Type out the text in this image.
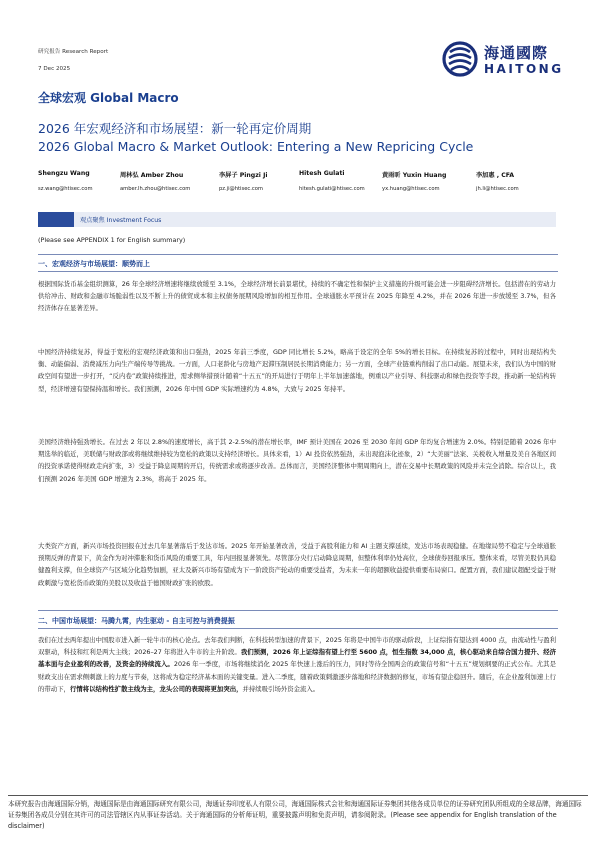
研究报告 Research Report
7 Dec 2025
海通國際
HAITONG
全球宏观 Global Macro
2026 年宏观经济和市场展望：新一轮再定价周期
2026 Global Macro & Market Outlook: Entering a New Repricing Cycle
Shengzu Wang
sz.wang@htisec.com
周林弘 Amber Zhou
amber.lh.zhou@htisec.com
李屏子 Pingzi Ji
pz.ji@htisec.com
Hitesh Gulati
hitesh.gulati@htisec.com
黄雨昕 Yuxin Huang
yx.huang@htisec.com
李加惠 , CFA
jh.li@htisec.com
观点聚焦 Investment Focus
(Please see APPENDIX 1 for English summary)
一、宏观经济与市场展望：顺势而上
根据国际货币基金组织测算，26 年全球经济增速将继续放缓至 3.1%，全球经济增长前景堪忧，持续的不确定性和保护主义措施的升级可能会进一步阻碍经济增长。包括潜在的劳动力供给冲击、财政和金融市场脆弱性以及不断上升的债贸成本和主权债务展期风险增加的相互作用。全球通胀水平预计在 2025 年降至 4.2%，并在 2026 年进一步放缓至 3.7%，但各经济体存在显著差异。
中国经济持续复苏，得益于宽松的宏观经济政策和出口强劲，2025 年前三季度，GDP 同比增长 5.2%，略高于设定的全年 5%的增长目标。在持续复苏的过程中，同时出现结构失衡、动能偏弱、消费减压力向生产端传导等挑战。一方面，人口老龄化与房地产迟滞压制居民长期消费能力；另一方面，全球产业链重构削弱了出口动能。展望未来，我们认为中国的财政空间有望进一步打开，“反内卷”政策持续推进，需求侧举措预计随着“十五五”的开局进行于明年上半年加速落地，例重以产业引导、科技驱动和绿色投资等手段，推动新一轮结构转型，经济增速有望保持温和增长。我们预测，2026 年中国 GDP 实际增速约为 4.8%，大致与 2025 年持平。
美国经济维持强劲增长。在过去 2 年以 2.8%的速度增长，高于其 2-2.5%的潜在增长率，IMF 预计美国在 2026 至 2030 年间 GDP 年均复合增速为 2.0%。特别是随着 2026 年中期选举的临近，美联储与财政部或将继续维持较为宽松的政策以支持经济增长。具体来看，1）AI 投资依然强劲，未出现泡沫化迹象，2）“大美丽”法案、关税收入增量及美自各地区间的投资承诺使得财政走向扩张，3）受益于降息周期的开启，传统需求或将逐步改善。总体而言，美国经济整体中期周期向上，潜在交易中长期政策的风险并未完全消除。综合以上，我们预测 2026 年美国 GDP 增速为 2.3%，将高于 2025 年。
大类资产方面，新兴市场投资回报在过去几年显著落后于发达市场。2025 年开始显著改善，受益于高股利能力和 AI 主题支撑延续，发达市场表现稳健。在地缘局势不稳定与全球通胀预期反弹的背景下，黄金作为对冲滞胀和货币风险的重要工具，年内回报显著领先。尽管部分央行启动降息周期，但整体利率仍处高位，全球债券回报承压。整体来看，尽管美股仍具稳健盈利支撑，但全球资产与区域分化趋势加剧，亚太及新兴市场有望成为下一阶段资产轮动的重要受益者，为未来一年的超额收益提供重要布局窗口。配置方面，我们建议超配受益于财政刺激与宽松货币政策的美股以及收益于德国财政扩张的欧股。
二、中国市场展望：马腾九霄，内生驱动 - 自主可控与消费提振
我们在过去两年提出中国股市进入新一轮牛市的核心论点。去年我们判断，在科技转型加速的背景下，2025 年将是中国牛市的驱动阶段，上证综指有望达到 4000 点，由流动性与盈利双驱动，科技和红利是两大主线；2026–27 年将进入牛市的主升阶段。我们预测，2026 年上证综指有望上行至 5600 点，恒生指数 34,000 点，核心驱动来自综合国力提升、经济基本面与企业盈利的改善，及资金的持续流入。2026 年一季度，市场将继续消化 2025 年快速上涨后的压力，同时等待全国两会的政策信号和“十五五”规划纲要的正式公布。尤其是财政支出在需求侧刺激上的力度与节奏，这将成为稳定经济基本面的关键变量。进入二季度，随着政策刺激逐步落地和经济数据的修复，市场有望企稳回升。随后，在企业盈利加速上行的带动下，行情将以结构性扩散主线为主，龙头公司的表现将更加突出，并持续吸引场外资金流入。
本研究报告由海通国际分销，海通国际是由海通国际研究有限公司，海通证券印度私人有限公司，海通国际株式会社和海通国际证券集团其他各成员单位的证券研究团队所组成的全球品牌，海通国际证券集团各成员分别在其许可的司法管辖区内从事证券活动。关于海通国际的分析师证明，重要披露声明和免责声明，请参阅附录。(Please see appendix for English translation of the disclaimer)
